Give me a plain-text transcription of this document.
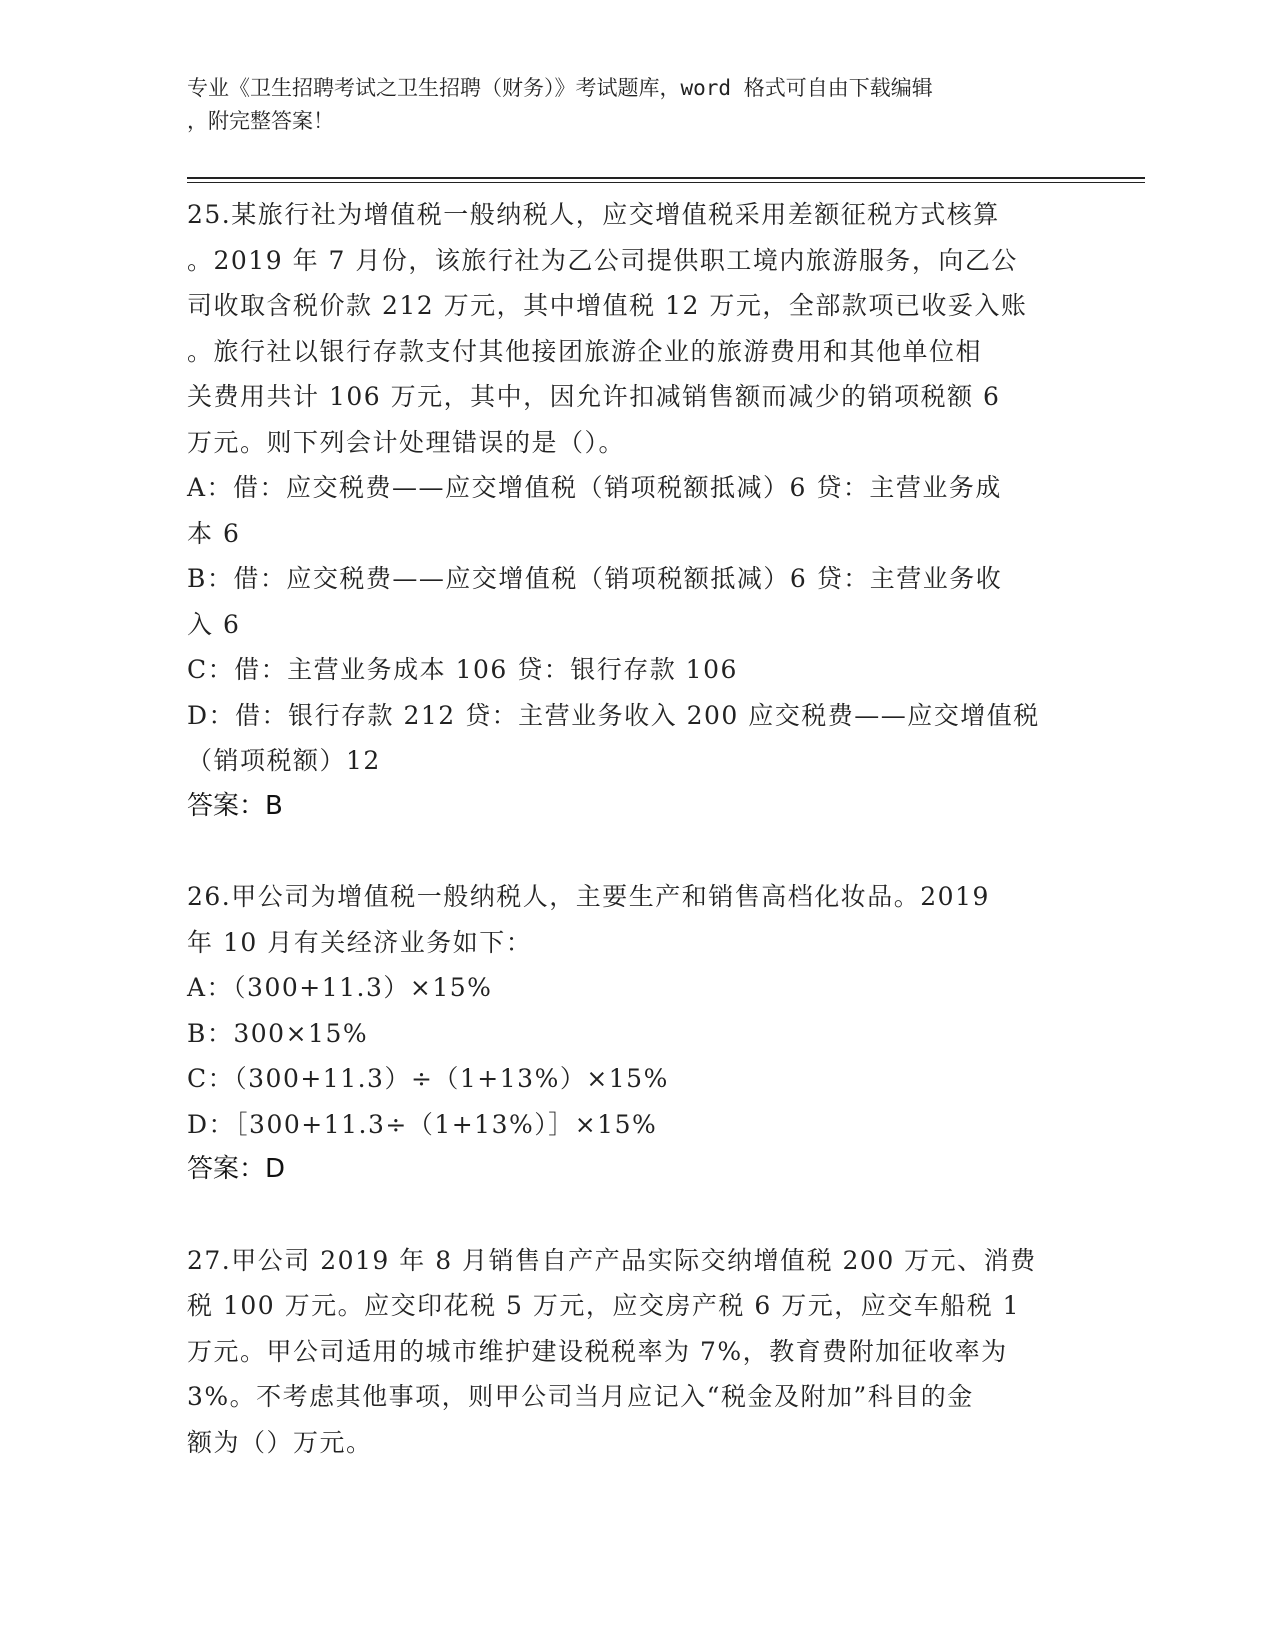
专业《卫生招聘考试之卫生招聘（财务）》考试题库，word 格式可自由下载编辑
，附完整答案！

25.某旅行社为增值税一般纳税人，应交增值税采用差额征税方式核算

。2019 年 7 月份，该旅行社为乙公司提供职工境内旅游服务，向乙公

司收取含税价款 212 万元，其中增值税 12 万元，全部款项已收妥入账

。旅行社以银行存款支付其他接团旅游企业的旅游费用和其他单位相

关费用共计 106 万元，其中，因允许扣减销售额而减少的销项税额 6

万元。则下列会计处理错误的是（）。

A：借：应交税费——应交增值税（销项税额抵减）6 贷：主营业务成

本 6

B：借：应交税费——应交增值税（销项税额抵减）6 贷：主营业务收

入 6

C：借：主营业务成本 106 贷：银行存款 106

D：借：银行存款 212 贷：主营业务收入 200 应交税费——应交增值税

（销项税额）12

答案：B

26.甲公司为增值税一般纳税人，主要生产和销售高档化妆品。2019

年 10 月有关经济业务如下：

A：（300+11.3）×15%

B：300×15%

C：（300+11.3）÷（1+13%）×15%

D：［300+11.3÷（1+13%）］×15%

答案：D

27.甲公司 2019 年 8 月销售自产产品实际交纳增值税 200 万元、消费

税 100 万元。应交印花税 5 万元，应交房产税 6 万元，应交车船税 1

万元。甲公司适用的城市维护建设税税率为 7%，教育费附加征收率为

3%。不考虑其他事项，则甲公司当月应记入“税金及附加”科目的金

额为（）万元。
